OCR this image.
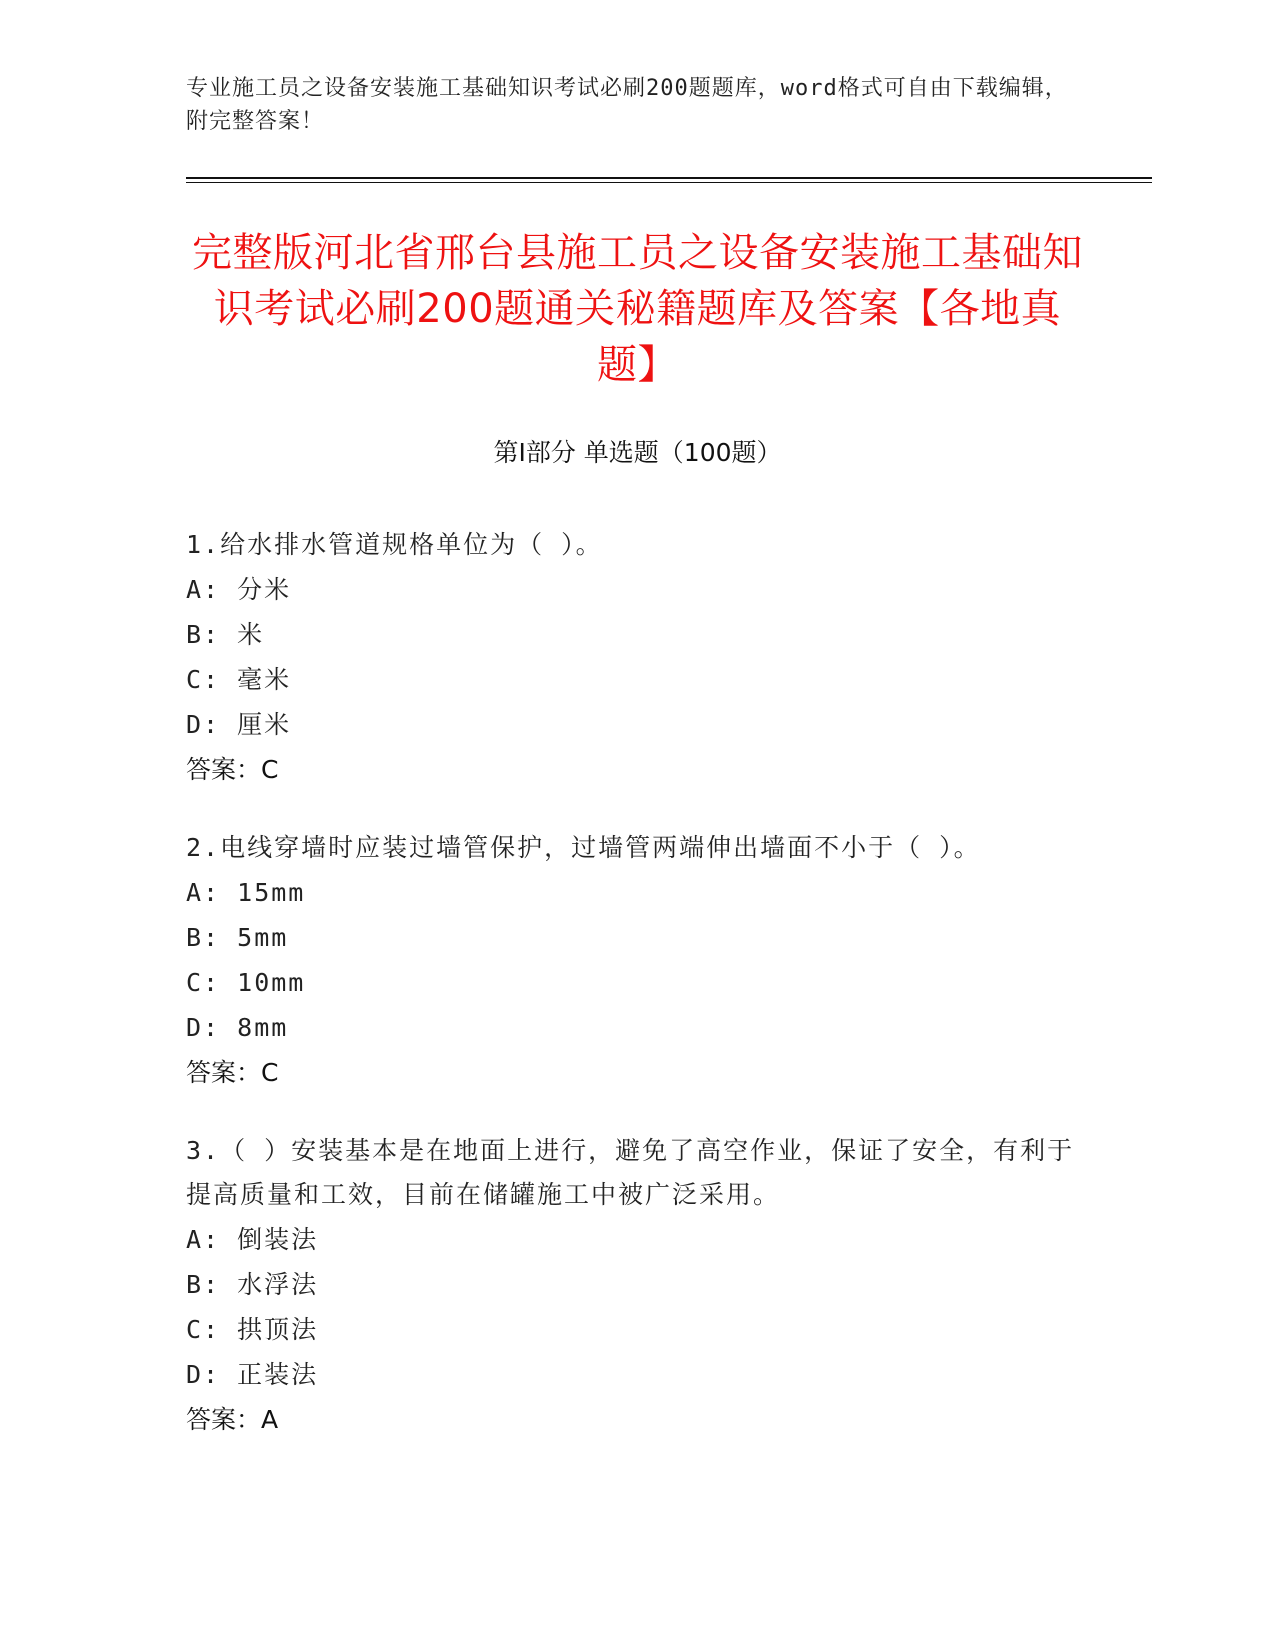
专业施工员之设备安装施工基础知识考试必刷200题题库，word格式可自由下载编辑，附完整答案！
完整版河北省邢台县施工员之设备安装施工基础知识考试必刷200题通关秘籍题库及答案【各地真题】
第Ⅰ部分 单选题（100题）
1.给水排水管道规格单位为（ ）。
A: 分米
B: 米
C: 毫米
D: 厘米
答案：C
2.电线穿墙时应装过墙管保护，过墙管两端伸出墙面不小于（ ）。
A: 15mm
B: 5mm
C: 10mm
D: 8mm
答案：C
3.（ ）安装基本是在地面上进行，避免了高空作业，保证了安全，有利于提高质量和工效，目前在储罐施工中被广泛采用。
A: 倒装法
B: 水浮法
C: 拱顶法
D: 正装法
答案：A
